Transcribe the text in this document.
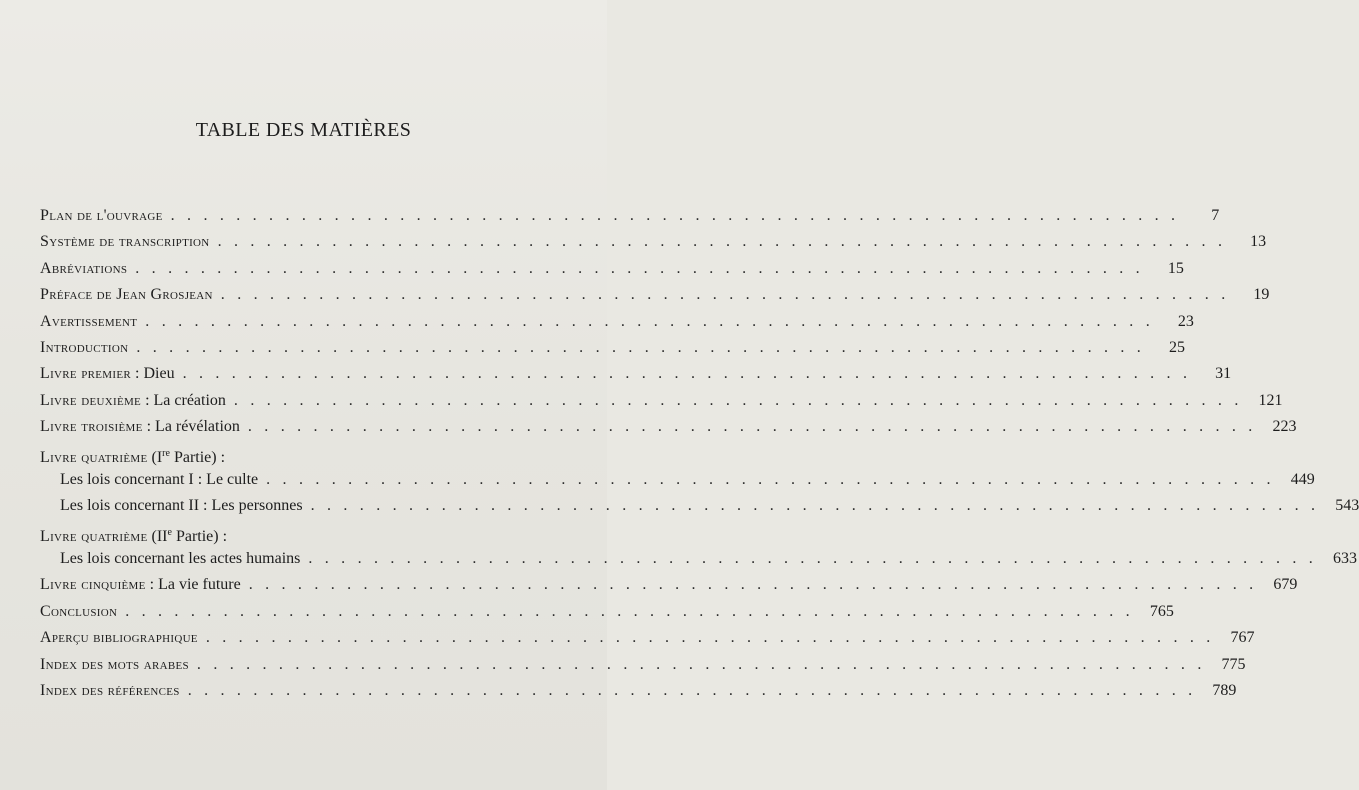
TABLE DES MATIÈRES
Plan de l'ouvrage . . . . . . . . . . . . . . . . . . . . . . . . . . . . . . . . . . . . . . . . . . . . . . . . . . . . . . . . . . . . . .	7
Système de transcription . . . . . . . . . . . . . . . . . . . . . . . . . . . . . . . . . . . . . . . . . . . . . . . . . . . . . . . . . . . . . .	13
Abréviations . . . . . . . . . . . . . . . . . . . . . . . . . . . . . . . . . . . . . . . . . . . . . . . . . . . . . . . . . . . . . .	15
Préface de Jean Grosjean . . . . . . . . . . . . . . . . . . . . . . . . . . . . . . . . . . . . . . . . . . . . . . . . . . . . . . . . . . . . . .	19
Avertissement . . . . . . . . . . . . . . . . . . . . . . . . . . . . . . . . . . . . . . . . . . . . . . . . . . . . . . . . . . . . . .	23
Introduction . . . . . . . . . . . . . . . . . . . . . . . . . . . . . . . . . . . . . . . . . . . . . . . . . . . . . . . . . . . . . .	25
Livre premier : Dieu . . . . . . . . . . . . . . . . . . . . . . . . . . . . . . . . . . . . . . . . . . . . . . . . . . . . . . . . . . . . . .	31
Livre deuxième : La création . . . . . . . . . . . . . . . . . . . . . . . . . . . . . . . . . . . . . . . . . . . . . . . . . . . . . . . . . . . . . .	121
Livre troisième : La révélation . . . . . . . . . . . . . . . . . . . . . . . . . . . . . . . . . . . . . . . . . . . . . . . . . . . . . . . . . . . . . .	223
Livre quatrième (Ire Partie) :
Les lois concernant I : Le culte . . . . . . . . . . . . . . . . . . . . . . . . . . . . . . . . . . . . . . . . . . . . . . . . . . . . . . . . . . . . . .	449
Les lois concernant II : Les personnes . . . . . . . . . . . . . . . . . . . . . . . . . . . . . . . . . . . . . . . . . . . . . . . . . . . . . . . . . . . . . .	543
Livre quatrième (IIe Partie) :
Les lois concernant les actes humains . . . . . . . . . . . . . . . . . . . . . . . . . . . . . . . . . . . . . . . . . . . . . . . . . . . . . . . . . . . . . .	633
Livre cinquième : La vie future . . . . . . . . . . . . . . . . . . . . . . . . . . . . . . . . . . . . . . . . . . . . . . . . . . . . . . . . . . . . . .	679
Conclusion . . . . . . . . . . . . . . . . . . . . . . . . . . . . . . . . . . . . . . . . . . . . . . . . . . . . . . . . . . . . . .	765
Aperçu bibliographique . . . . . . . . . . . . . . . . . . . . . . . . . . . . . . . . . . . . . . . . . . . . . . . . . . . . . . . . . . . . . .	767
Index des mots arabes . . . . . . . . . . . . . . . . . . . . . . . . . . . . . . . . . . . . . . . . . . . . . . . . . . . . . . . . . . . . . .	775
Index des références . . . . . . . . . . . . . . . . . . . . . . . . . . . . . . . . . . . . . . . . . . . . . . . . . . . . . . . . . . . . . .	789
